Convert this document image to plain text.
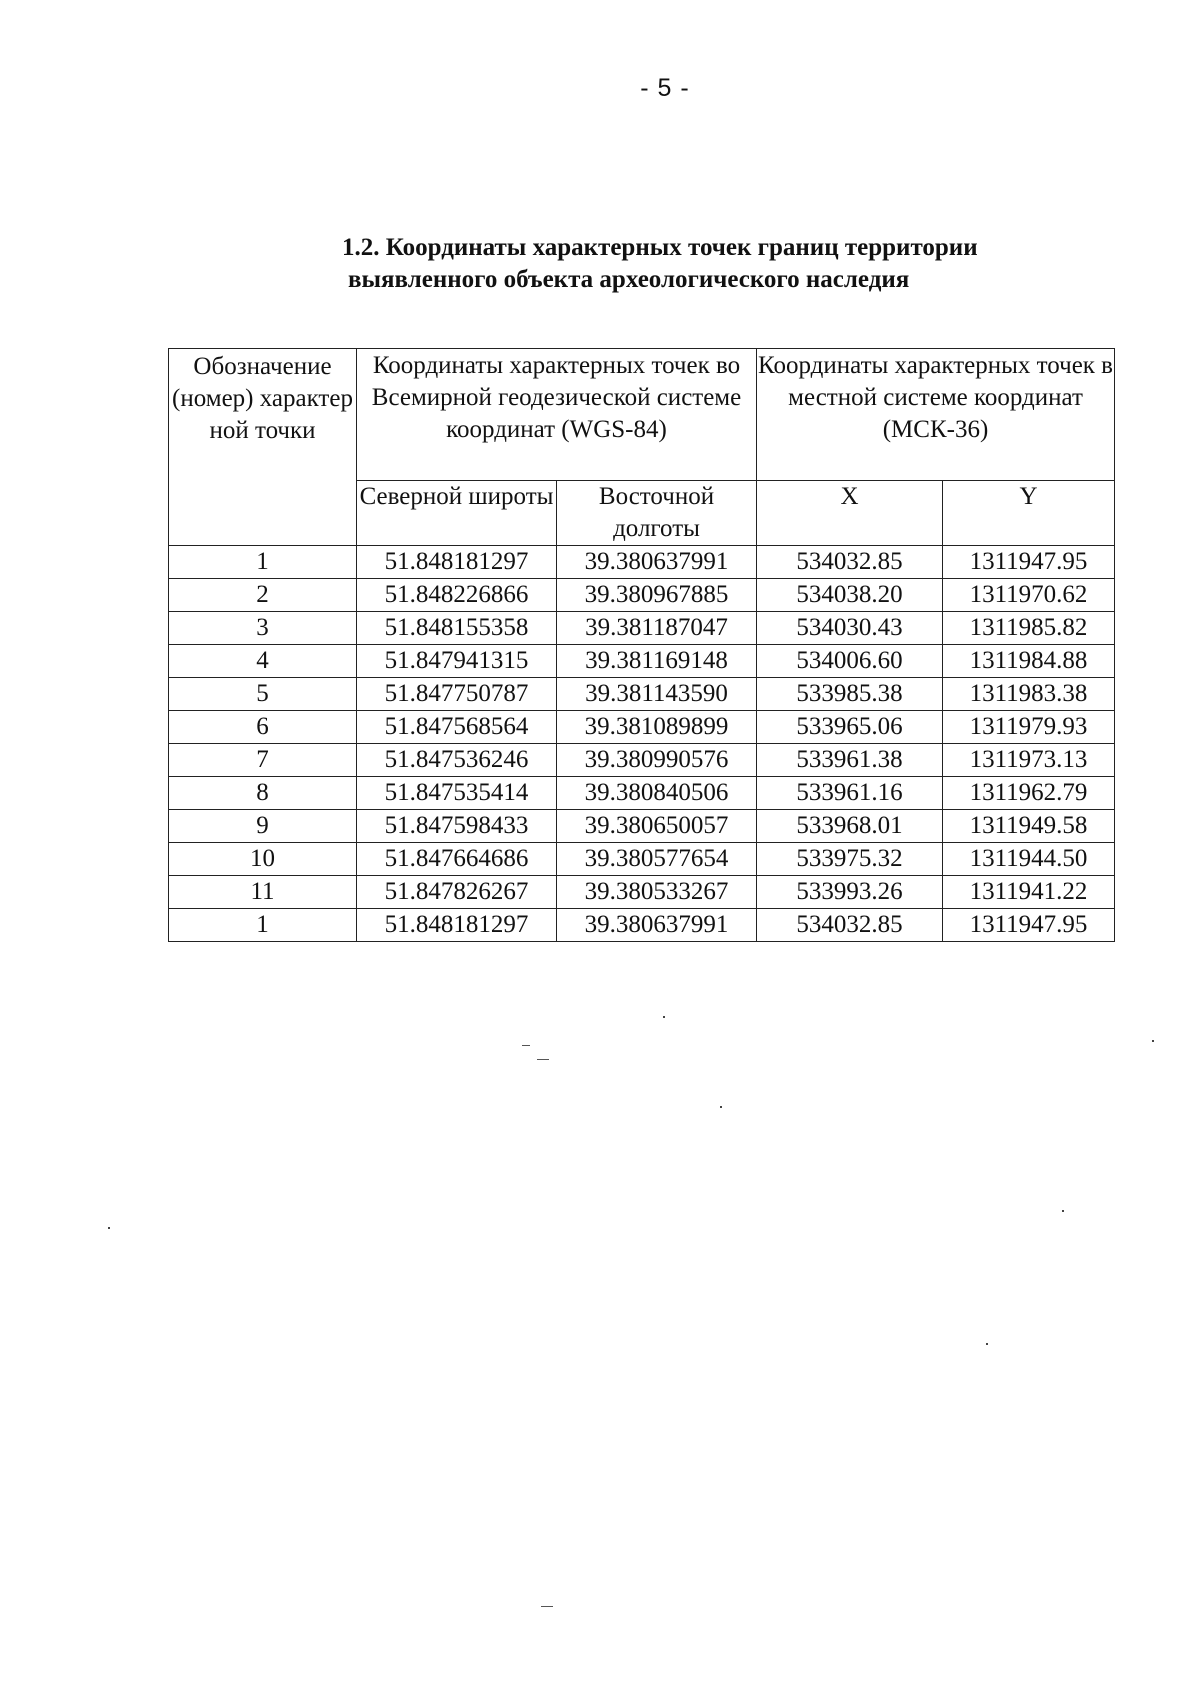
- 5 -
1.2. Координаты характерных точек границ территории
выявленного объекта археологического наследия
Обозначение (номер) характер ной точки	Координаты характерных точек во Всемирной геодезической системе координат (WGS-84)		Координаты характерных точек в местной системе координат (МСК-36)	
	Северной широты	Восточной долготы	X	Y
1	51.848181297	39.380637991	534032.85	1311947.95
2	51.848226866	39.380967885	534038.20	1311970.62
3	51.848155358	39.381187047	534030.43	1311985.82
4	51.847941315	39.381169148	534006.60	1311984.88
5	51.847750787	39.381143590	533985.38	1311983.38
6	51.847568564	39.381089899	533965.06	1311979.93
7	51.847536246	39.380990576	533961.38	1311973.13
8	51.847535414	39.380840506	533961.16	1311962.79
9	51.847598433	39.380650057	533968.01	1311949.58
10	51.847664686	39.380577654	533975.32	1311944.50
11	51.847826267	39.380533267	533993.26	1311941.22
1	51.848181297	39.380637991	534032.85	1311947.95
